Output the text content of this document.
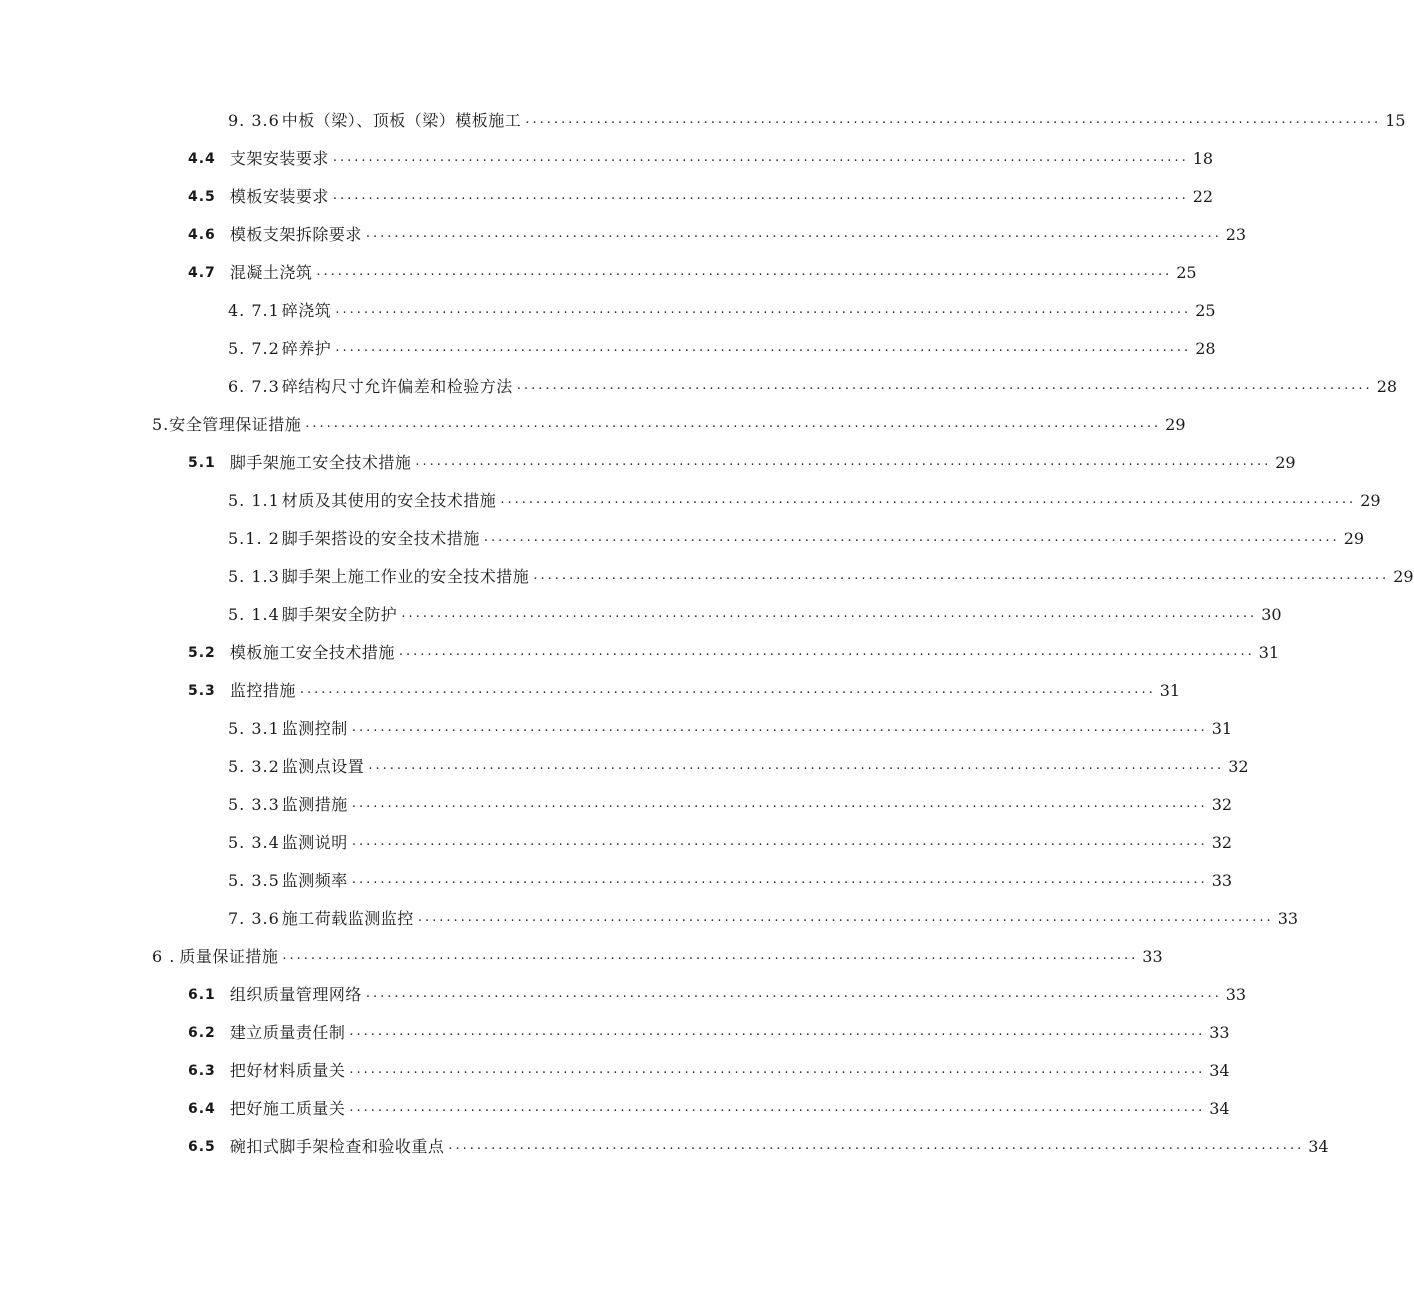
9. 3.6 中板（梁）、顶板（梁）模板施工 ........................................................................................................................ 15
4.4 支架安装要求 ........................................................................................................................ 18
4.5 模板安装要求 ........................................................................................................................ 22
4.6 模板支架拆除要求 ........................................................................................................................ 23
4.7 混凝土浇筑 ........................................................................................................................ 25
4. 7.1 碎浇筑 ........................................................................................................................ 25
5. 7.2 碎养护 ........................................................................................................................ 28
6. 7.3 碎结构尺寸允许偏差和检验方法 ........................................................................................................................ 28
5. 安全管理保证措施 ........................................................................................................................ 29
5.1 脚手架施工安全技术措施 ........................................................................................................................ 29
5. 1.1 材质及其使用的安全技术措施 ........................................................................................................................ 29
5.1. 2 脚手架搭设的安全技术措施 ........................................................................................................................ 29
5. 1.3 脚手架上施工作业的安全技术措施 ........................................................................................................................ 29
5. 1.4 脚手架安全防护 ........................................................................................................................ 30
5.2 模板施工安全技术措施 ........................................................................................................................ 31
5.3 监控措施 ........................................................................................................................ 31
5. 3.1 监测控制 ........................................................................................................................ 31
5. 3.2 监测点设置 ........................................................................................................................ 32
5. 3.3 监测措施 ........................................................................................................................ 32
5. 3.4 监测说明 ........................................................................................................................ 32
5. 3.5 监测频率 ........................................................................................................................ 33
7. 3.6 施工荷载监测监控 ........................................................................................................................ 33
6 . 质量保证措施 ........................................................................................................................ 33
6.1 组织质量管理网络 ........................................................................................................................ 33
6.2 建立质量责任制 ........................................................................................................................ 33
6.3 把好材料质量关 ........................................................................................................................ 34
6.4 把好施工质量关 ........................................................................................................................ 34
6.5 碗扣式脚手架检查和验收重点 ........................................................................................................................ 34
